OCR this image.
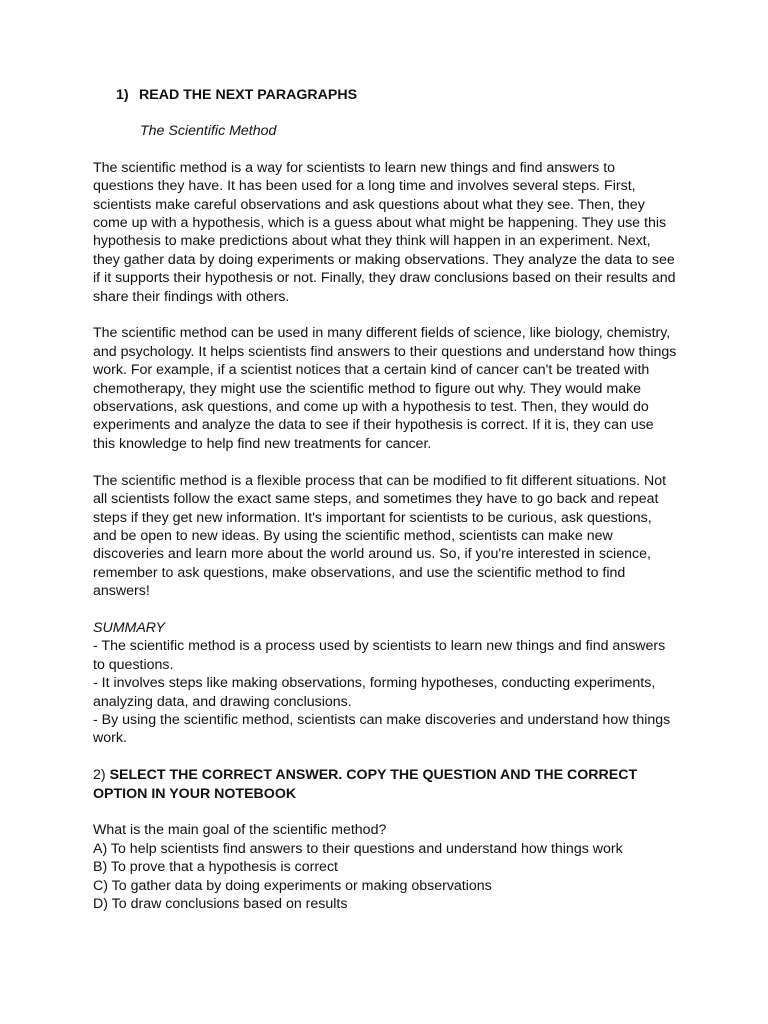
1) READ THE NEXT PARAGRAPHS

The Scientific Method

The scientific method is a way for scientists to learn new things and find answers to questions they have. It has been used for a long time and involves several steps. First, scientists make careful observations and ask questions about what they see. Then, they come up with a hypothesis, which is a guess about what might be happening. They use this hypothesis to make predictions about what they think will happen in an experiment. Next, they gather data by doing experiments or making observations. They analyze the data to see if it supports their hypothesis or not. Finally, they draw conclusions based on their results and share their findings with others.

The scientific method can be used in many different fields of science, like biology, chemistry, and psychology. It helps scientists find answers to their questions and understand how things work. For example, if a scientist notices that a certain kind of cancer can't be treated with chemotherapy, they might use the scientific method to figure out why. They would make observations, ask questions, and come up with a hypothesis to test. Then, they would do experiments and analyze the data to see if their hypothesis is correct. If it is, they can use this knowledge to help find new treatments for cancer.

The scientific method is a flexible process that can be modified to fit different situations. Not all scientists follow the exact same steps, and sometimes they have to go back and repeat steps if they get new information. It's important for scientists to be curious, ask questions, and be open to new ideas. By using the scientific method, scientists can make new discoveries and learn more about the world around us. So, if you're interested in science, remember to ask questions, make observations, and use the scientific method to find answers!

SUMMARY

- The scientific method is a process used by scientists to learn new things and find answers to questions.
- It involves steps like making observations, forming hypotheses, conducting experiments, analyzing data, and drawing conclusions.
- By using the scientific method, scientists can make discoveries and understand how things work.

2) SELECT THE CORRECT ANSWER. COPY THE QUESTION AND THE CORRECT OPTION IN YOUR NOTEBOOK

What is the main goal of the scientific method?

A) To help scientists find answers to their questions and understand how things work
B) To prove that a hypothesis is correct
C) To gather data by doing experiments or making observations
D) To draw conclusions based on results
